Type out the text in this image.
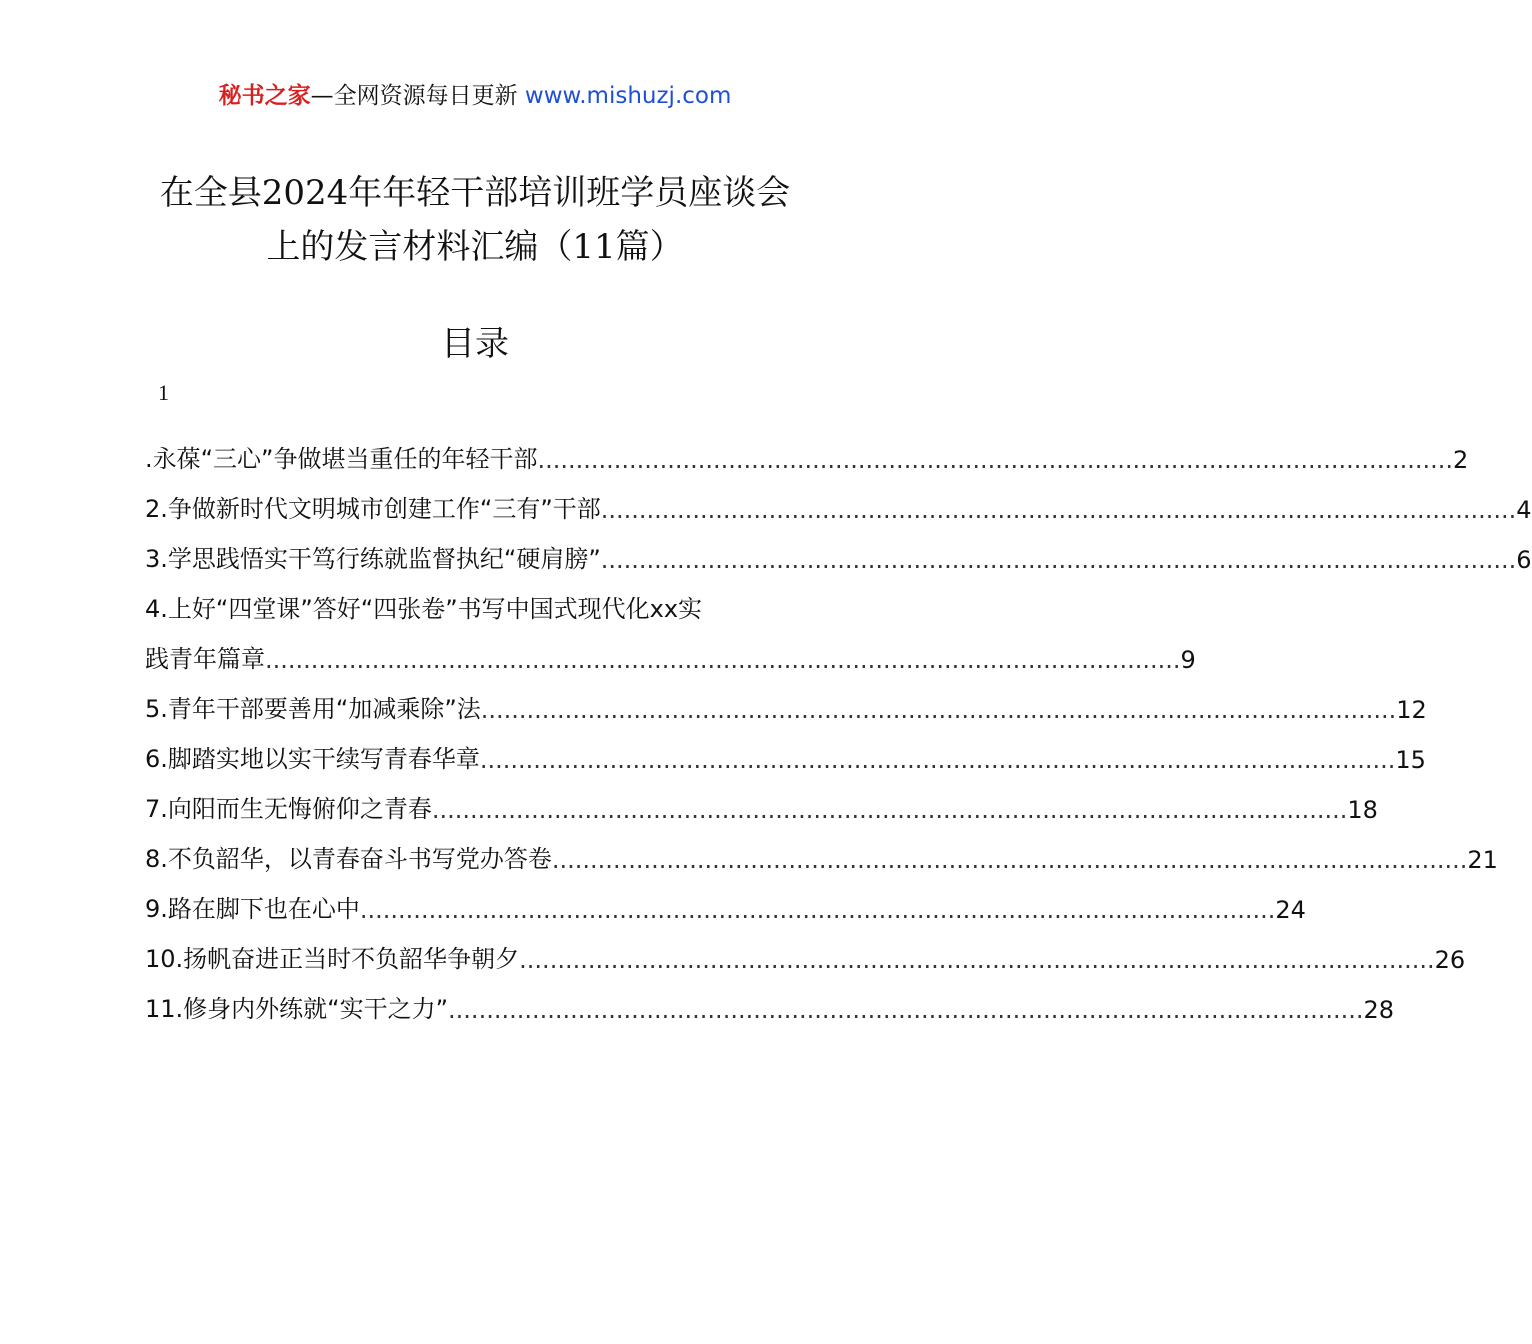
秘书之家—全网资源每日更新 www.mishuzj.com
在全县2024年年轻干部培训班学员座谈会
上的发言材料汇编（11篇）
目录
1
.永葆“三心”争做堪当重任的年轻干部 ........................................................................................................................ 2
2.争做新时代文明城市创建工作“三有”干部 ........................................................................................................................ 4
3.学思践悟实干笃行练就监督执纪“硬肩膀” ........................................................................................................................ 6
4.上好“四堂课”答好“四张卷”书写中国式现代化xx实
践青年篇章 ........................................................................................................................ 9
5.青年干部要善用“加减乘除”法 ........................................................................................................................ 12
6.脚踏实地以实干续写青春华章 ........................................................................................................................ 15
7.向阳而生无悔俯仰之青春 ........................................................................................................................ 18
8.不负韶华，以青春奋斗书写党办答卷 ........................................................................................................................ 21
9.路在脚下也在心中 ........................................................................................................................ 24
10.扬帆奋进正当时不负韶华争朝夕 ........................................................................................................................ 26
11.修身内外练就“实干之力” ........................................................................................................................ 28
